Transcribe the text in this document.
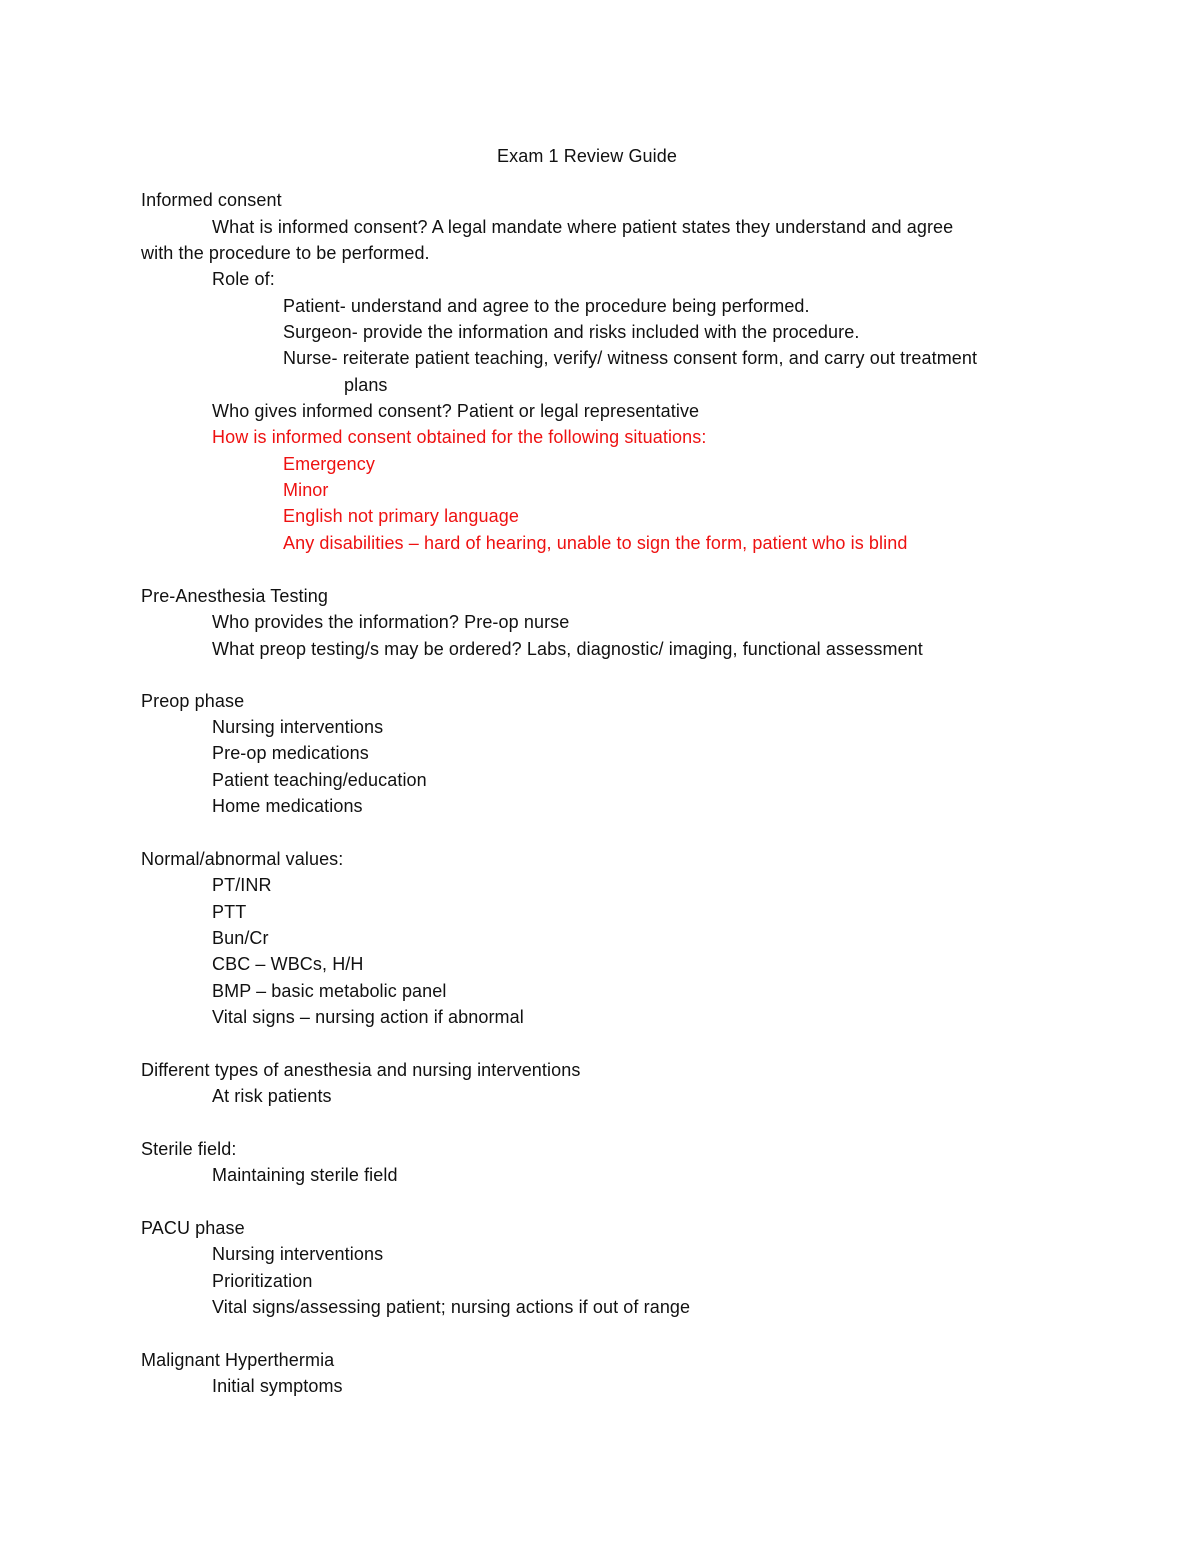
Exam 1 Review Guide
Informed consent
What is informed consent? A legal mandate where patient states they understand and agree
with the procedure to be performed.
Role of:
Patient- understand and agree to the procedure being performed.
Surgeon- provide the information and risks included with the procedure.
Nurse- reiterate patient teaching, verify/ witness consent form, and carry out treatment
plans
Who gives informed consent? Patient or legal representative
How is informed consent obtained for the following situations:
Emergency
Minor
English not primary language
Any disabilities – hard of hearing, unable to sign the form, patient who is blind
Pre-Anesthesia Testing
Who provides the information? Pre-op nurse
What preop testing/s may be ordered? Labs, diagnostic/ imaging, functional assessment
Preop phase
Nursing interventions
Pre-op medications
Patient teaching/education
Home medications
Normal/abnormal values:
PT/INR
PTT
Bun/Cr
CBC – WBCs, H/H
BMP – basic metabolic panel
Vital signs – nursing action if abnormal
Different types of anesthesia and nursing interventions
At risk patients
Sterile field:
Maintaining sterile field
PACU phase
Nursing interventions
Prioritization
Vital signs/assessing patient; nursing actions if out of range
Malignant Hyperthermia
Initial symptoms
